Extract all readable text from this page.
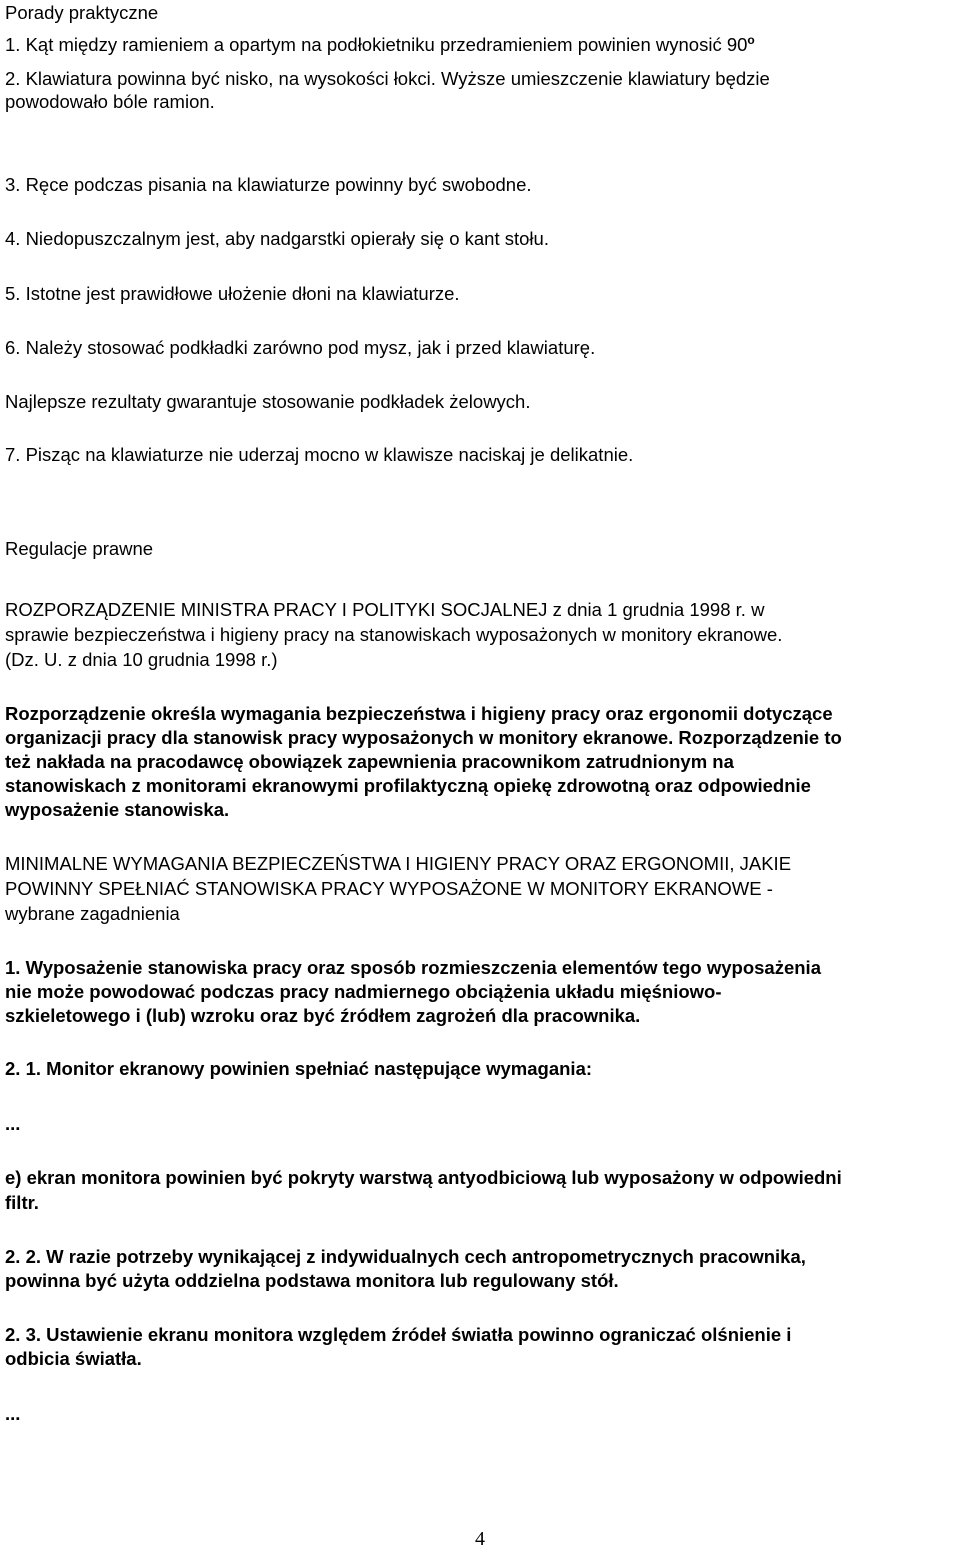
Porady praktyczne
1. Kąt między ramieniem a opartym na podłokietniku przedramieniem powinien wynosić 90$^o$
2. Klawiatura powinna być nisko, na wysokości łokci. Wyższe umieszczenie klawiatury będzie
powodowało bóle ramion.
3. Ręce podczas pisania na klawiaturze powinny być swobodne.
4. Niedopuszczalnym jest, aby nadgarstki opierały się o kant stołu.
5. Istotne jest prawidłowe ułożenie dłoni na klawiaturze.
6. Należy stosować podkładki zarówno pod mysz, jak i przed klawiaturę.
Najlepsze rezultaty gwarantuje stosowanie podkładek żelowych.
7. Pisząc na klawiaturze nie uderzaj mocno w klawisze naciskaj je delikatnie.
Regulacje prawne
ROZPORZĄDZENIE MINISTRA PRACY I POLITYKI SOCJALNEJ z dnia 1 grudnia 1998 r. w
sprawie bezpieczeństwa i higieny pracy na stanowiskach wyposażonych w monitory ekranowe.
(Dz. U. z dnia 10 grudnia 1998 r.)
Rozporządzenie określa wymagania bezpieczeństwa i higieny pracy oraz ergonomii dotyczące
organizacji pracy dla stanowisk pracy wyposażonych w monitory ekranowe. Rozporządzenie to
też nakłada na pracodawcę obowiązek zapewnienia pracownikom zatrudnionym na
stanowiskach z monitorami ekranowymi profilaktyczną opiekę zdrowotną oraz odpowiednie
wyposażenie stanowiska.
MINIMALNE WYMAGANIA BEZPIECZEŃSTWA I HIGIENY PRACY ORAZ ERGONOMII, JAKIE
POWINNY SPEŁNIAĆ STANOWISKA PRACY WYPOSAŻONE W MONITORY EKRANOWE -
wybrane zagadnienia
1. Wyposażenie stanowiska pracy oraz sposób rozmieszczenia elementów tego wyposażenia
nie może powodować podczas pracy nadmiernego obciążenia układu mięśniowo-
szkieletowego i (lub) wzroku oraz być źródłem zagrożeń dla pracownika.
2. 1. Monitor ekranowy powinien spełniać następujące wymagania:
...
e) ekran monitora powinien być pokryty warstwą antyodbiciową lub wyposażony w odpowiedni
filtr.
2. 2. W razie potrzeby wynikającej z indywidualnych cech antropometrycznych pracownika,
powinna być użyta oddzielna podstawa monitora lub regulowany stół.
2. 3. Ustawienie ekranu monitora względem źródeł światła powinno ograniczać olśnienie i
odbicia światła.
...
4
